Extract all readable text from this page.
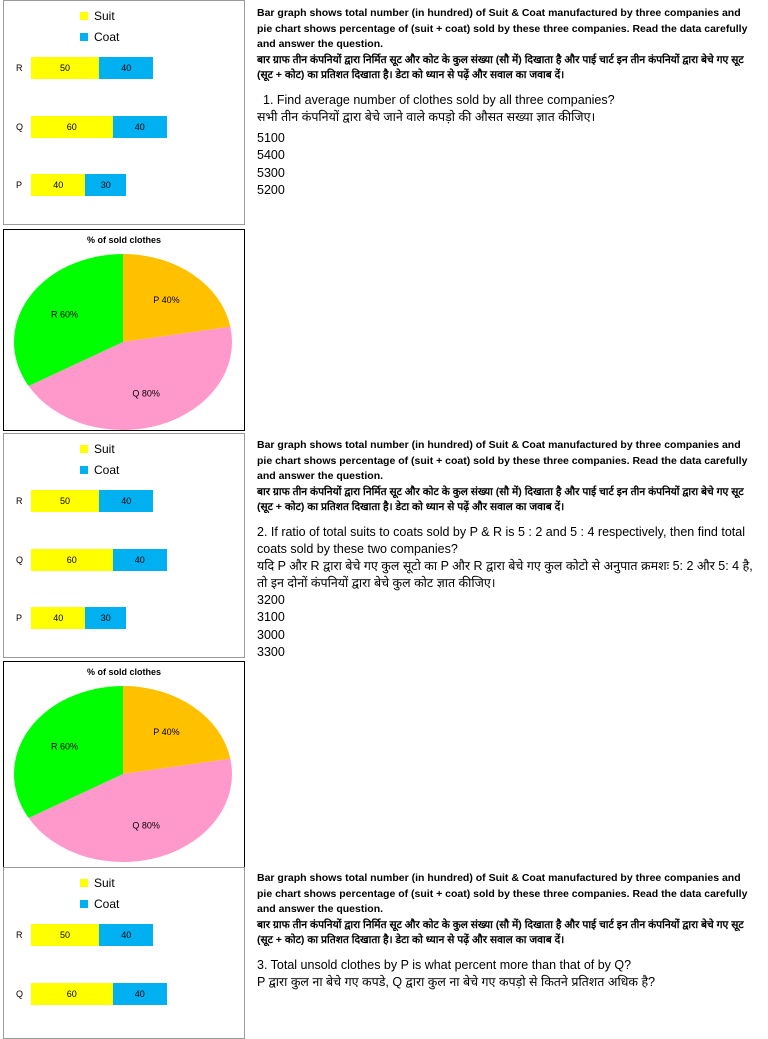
Suit
Coat
R	50	40
Q	60	40
P	40	30
% of sold clothes
P 40%
Q 80%
R 60%

Bar graph shows total number (in hundred) of Suit & Coat manufactured by three companies and pie chart shows percentage of (suit + coat) sold by these three companies. Read the data carefully and answer the question.

बार ग्राफ तीन कंपनियों द्वारा निर्मित सूट और कोट के कुल संख्या (सौ में) दिखाता है और पाई चार्ट इन तीन कंपनियों द्वारा बेचे गए सूट (सूट + कोट) का प्रतिशत दिखाता है। डेटा को ध्यान से पढ़ें और सवाल का जवाब दें।

1. Find average number of clothes sold by all three companies?

सभी तीन कंपनियों द्वारा बेचे जाने वाले कपड़ो की औसत सख्या ज्ञात कीजिए।

5100
5400
5300
5200
Suit
Coat
R	50	40
Q	60	40
P	40	30
% of sold clothes
P 40%
Q 80%
R 60%

Bar graph shows total number (in hundred) of Suit & Coat manufactured by three companies and pie chart shows percentage of (suit + coat) sold by these three companies. Read the data carefully and answer the question.

बार ग्राफ तीन कंपनियों द्वारा निर्मित सूट और कोट के कुल संख्या (सौ में) दिखाता है और पाई चार्ट इन तीन कंपनियों द्वारा बेचे गए सूट (सूट + कोट) का प्रतिशत दिखाता है। डेटा को ध्यान से पढ़ें और सवाल का जवाब दें।

2. If ratio of total suits to coats sold by P & R is 5 : 2 and 5 : 4 respectively, then find total coats sold by these two companies?

यदि P और R द्वारा बेचे गए कुल सूटो का P और R द्वारा बेचे गए कुल कोटो से अनुपात क्रमशः 5: 2 और 5: 4 है, तो इन दोनों कंपनियों द्वारा बेचे कुल कोट ज्ञात कीजिए।

3200
3100
3000
3300
Suit
Coat
R	50	40
Q	60	40

Bar graph shows total number (in hundred) of Suit & Coat manufactured by three companies and pie chart shows percentage of (suit + coat) sold by these three companies. Read the data carefully and answer the question.

बार ग्राफ तीन कंपनियों द्वारा निर्मित सूट और कोट के कुल संख्या (सौ में) दिखाता है और पाई चार्ट इन तीन कंपनियों द्वारा बेचे गए सूट (सूट + कोट) का प्रतिशत दिखाता है। डेटा को ध्यान से पढ़ें और सवाल का जवाब दें।

3. Total unsold clothes by P is what percent more than that of by Q?

P द्वारा कुल ना बेचे गए कपडे, Q द्वारा कुल ना बेचे गए कपड़ो से कितने प्रतिशत अधिक है?
